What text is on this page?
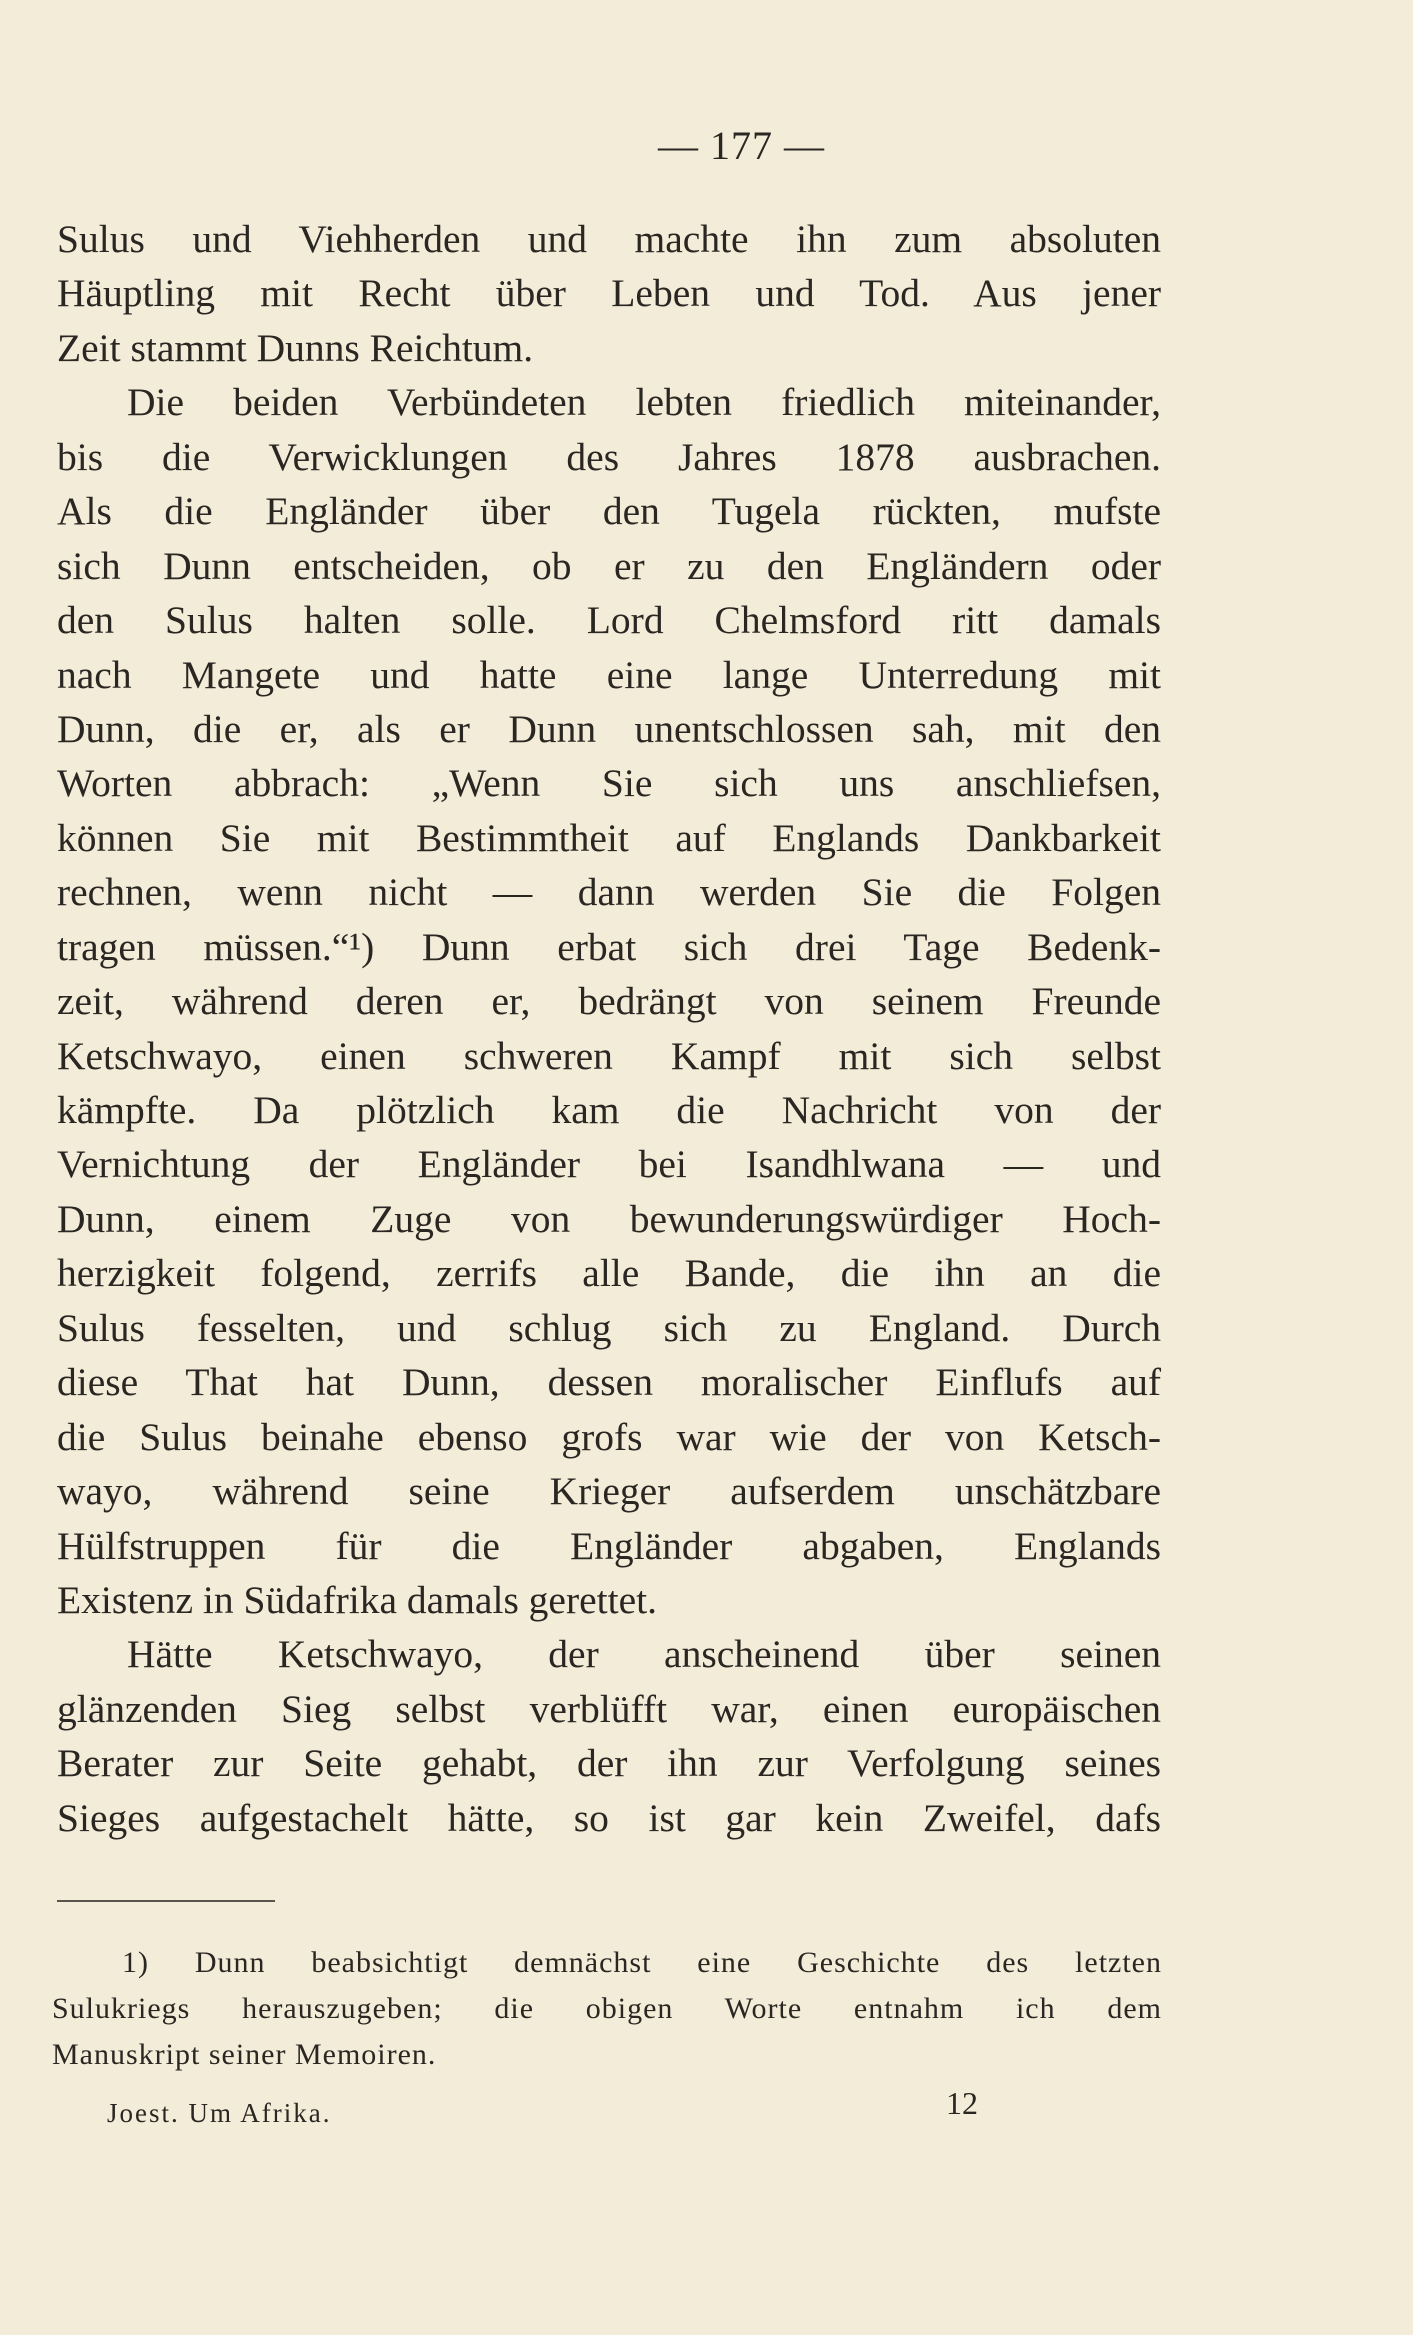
— 177 —
Sulus und Viehherden und machte ihn zum absoluten
Häuptling mit Recht über Leben und Tod. Aus jener
Zeit stammt Dunns Reichtum.
Die beiden Verbündeten lebten friedlich miteinander,
bis die Verwicklungen des Jahres 1878 ausbrachen.
Als die Engländer über den Tugela rückten, mufste
sich Dunn entscheiden, ob er zu den Engländern oder
den Sulus halten solle. Lord Chelmsford ritt damals
nach Mangete und hatte eine lange Unterredung mit
Dunn, die er, als er Dunn unentschlossen sah, mit den
Worten abbrach: „Wenn Sie sich uns anschliefsen,
können Sie mit Bestimmtheit auf Englands Dankbarkeit
rechnen, wenn nicht — dann werden Sie die Folgen
tragen müssen.“¹) Dunn erbat sich drei Tage Bedenk-
zeit, während deren er, bedrängt von seinem Freunde
Ketschwayo, einen schweren Kampf mit sich selbst
kämpfte. Da plötzlich kam die Nachricht von der
Vernichtung der Engländer bei Isandhlwana — und
Dunn, einem Zuge von bewunderungswürdiger Hoch-
herzigkeit folgend, zerrifs alle Bande, die ihn an die
Sulus fesselten, und schlug sich zu England. Durch
diese That hat Dunn, dessen moralischer Einflufs auf
die Sulus beinahe ebenso grofs war wie der von Ketsch-
wayo, während seine Krieger aufserdem unschätzbare
Hülfstruppen für die Engländer abgaben, Englands
Existenz in Südafrika damals gerettet.
Hätte Ketschwayo, der anscheinend über seinen
glänzenden Sieg selbst verblüfft war, einen europäischen
Berater zur Seite gehabt, der ihn zur Verfolgung seines
Sieges aufgestachelt hätte, so ist gar kein Zweifel, dafs
1) Dunn beabsichtigt demnächst eine Geschichte des letzten
Sulukriegs herauszugeben; die obigen Worte entnahm ich dem
Manuskript seiner Memoiren.
Joest. Um Afrika.	12
